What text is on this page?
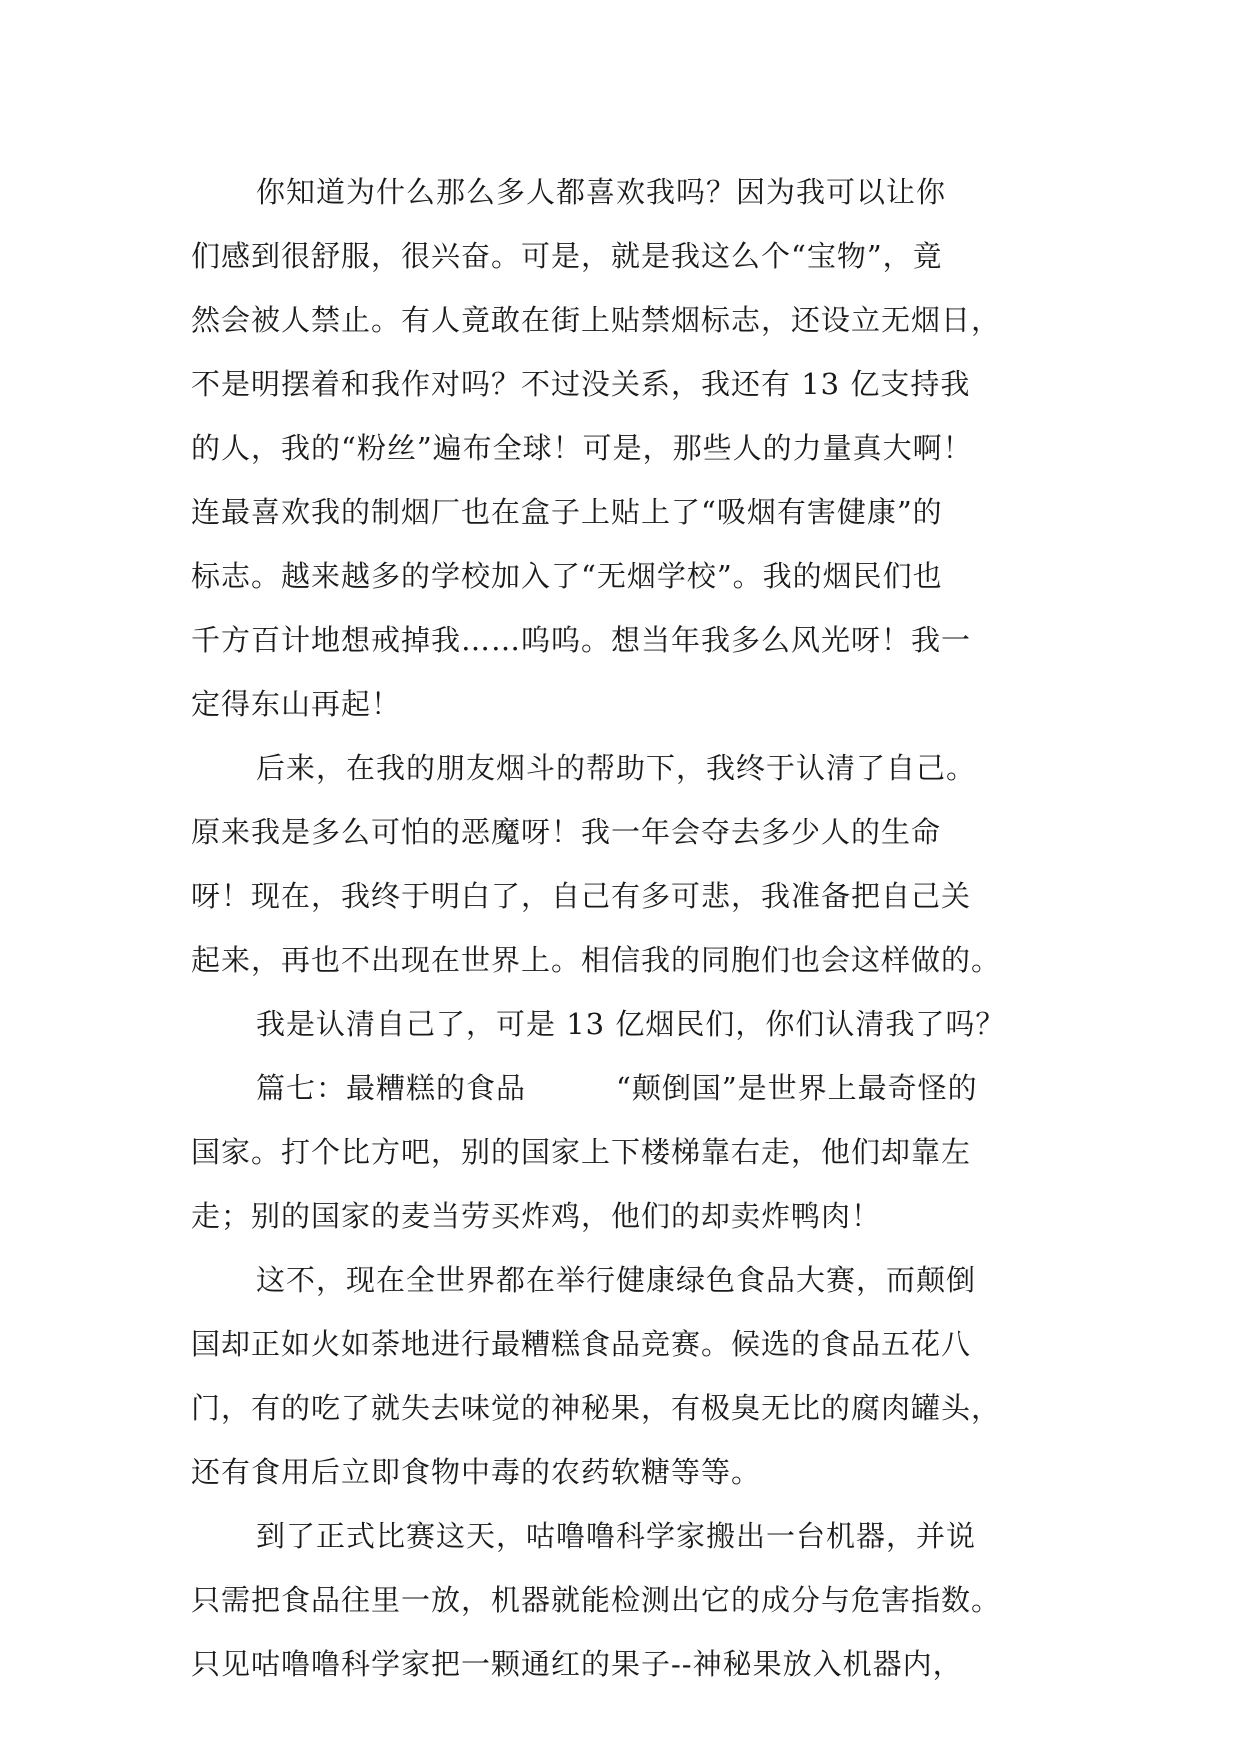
你知道为什么那么多人都喜欢我吗？因为我可以让你
们感到很舒服，很兴奋。可是，就是我这么个“宝物”，竟
然会被人禁止。有人竟敢在街上贴禁烟标志，还设立无烟日，
不是明摆着和我作对吗？不过没关系，我还有 13 亿支持我
的人，我的“粉丝”遍布全球！可是，那些人的力量真大啊！
连最喜欢我的制烟厂也在盒子上贴上了“吸烟有害健康”的
标志。越来越多的学校加入了“无烟学校”。我的烟民们也
千方百计地想戒掉我……呜呜。想当年我多么风光呀！我一
定得东山再起！
后来，在我的朋友烟斗的帮助下，我终于认清了自己。
原来我是多么可怕的恶魔呀！我一年会夺去多少人的生命
呀！现在，我终于明白了，自己有多可悲，我准备把自己关
起来，再也不出现在世界上。相信我的同胞们也会这样做的。
我是认清自己了，可是 13 亿烟民们，你们认清我了吗？
篇七：最糟糕的食品　　　“颠倒国”是世界上最奇怪的
国家。打个比方吧，别的国家上下楼梯靠右走，他们却靠左
走；别的国家的麦当劳买炸鸡，他们的却卖炸鸭肉！
这不，现在全世界都在举行健康绿色食品大赛，而颠倒
国却正如火如荼地进行最糟糕食品竞赛。候选的食品五花八
门，有的吃了就失去味觉的神秘果，有极臭无比的腐肉罐头，
还有食用后立即食物中毒的农药软糖等等。
到了正式比赛这天，咕噜噜科学家搬出一台机器，并说
只需把食品往里一放，机器就能检测出它的成分与危害指数。
只见咕噜噜科学家把一颗通红的果子--神秘果放入机器内，
